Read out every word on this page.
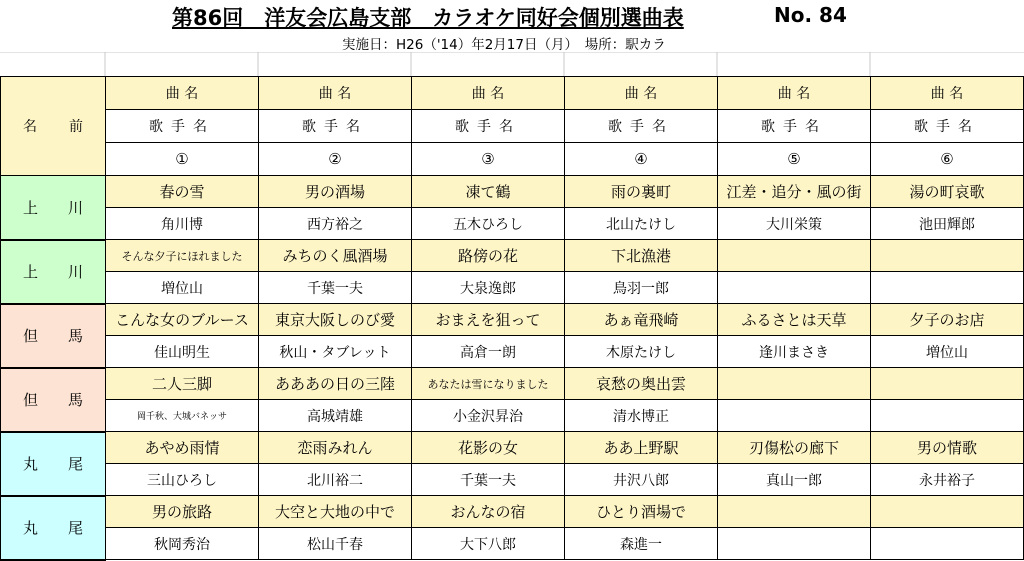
第86回　洋友会広島支部　カラオケ同好会個別選曲表	No. 84
実施日：H26（'14）年2月17日（月）　場所：駅カラ
名 前	曲 名	曲 名	曲 名	曲 名	曲 名	曲 名
	歌手名	歌手名	歌手名	歌手名	歌手名	歌手名
	①	②	③	④	⑤	⑥

上 川	春の雪	男の酒場	凍て鶴	雨の裏町	江差・追分・風の街	湯の町哀歌
	角川博	西方裕之	五木ひろし	北山たけし	大川栄策	池田輝郎

上 川	そんな夕子にほれました	みちのく風酒場	路傍の花	下北漁港		
	増位山	千葉一夫	大泉逸郎	鳥羽一郎		

但 馬	こんな女のブルース	東京大阪しのび愛	おまえを狙って	あぁ竜飛崎	ふるさとは天草	夕子のお店
	佳山明生	秋山・タブレット	高倉一朗	木原たけし	逢川まさき	増位山

但 馬	二人三脚	あああの日の三陸	あなたは雪になりました	哀愁の奥出雲		
	岡千秋、大城バネッサ	高城靖雄	小金沢昇治	清水博正		

丸 尾	あやめ雨情	恋雨みれん	花影の女	ああ上野駅	刃傷松の廊下	男の情歌
	三山ひろし	北川裕二	千葉一夫	井沢八郎	真山一郎	永井裕子

丸 尾	男の旅路	大空と大地の中で	おんなの宿	ひとり酒場で		
	秋岡秀治	松山千春	大下八郎	森進一		
